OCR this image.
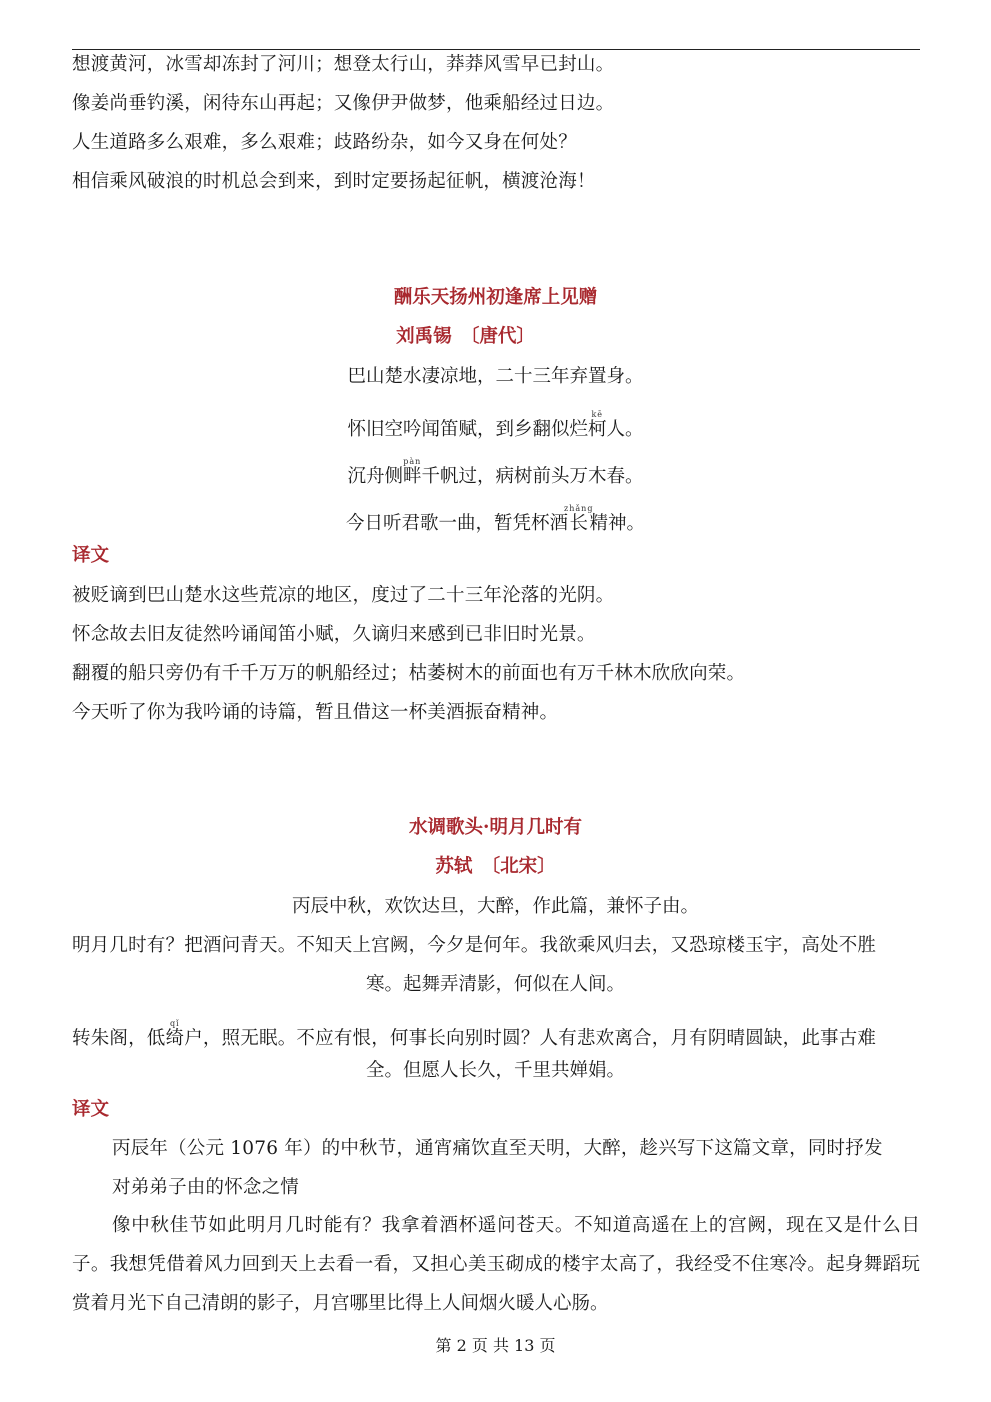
想渡黄河，冰雪却冻封了河川；想登太行山，莽莽风雪早已封山。
像姜尚垂钓溪，闲待东山再起；又像伊尹做梦，他乘船经过日边。
人生道路多么艰难，多么艰难；歧路纷杂，如今又身在何处？
相信乘风破浪的时机总会到来，到时定要扬起征帆，横渡沧海！
酬乐天扬州初逢席上见赠
刘禹锡　〔唐代〕
巴山楚水凄凉地，二十三年弃置身。
怀旧空吟闻笛赋，到乡翻似烂柯kē人。
沉舟侧畔pàn千帆过，病树前头万木春。
今日听君歌一曲，暂凭杯酒长zhǎng精神。
译文
被贬谪到巴山楚水这些荒凉的地区，度过了二十三年沦落的光阴。
怀念故去旧友徒然吟诵闻笛小赋，久谪归来感到已非旧时光景。
翻覆的船只旁仍有千千万万的帆船经过；枯萎树木的前面也有万千林木欣欣向荣。
今天听了你为我吟诵的诗篇，暂且借这一杯美酒振奋精神。
水调歌头·明月几时有
苏轼　〔北宋〕
丙辰中秋，欢饮达旦，大醉，作此篇，兼怀子由。
明月几时有？把酒问青天。不知天上宫阙，今夕是何年。我欲乘风归去，又恐琼楼玉宇，高处不胜
寒。起舞弄清影，何似在人间。
转朱阁，低绮qǐ户，照无眠。不应有恨，何事长向别时圆？人有悲欢离合，月有阴晴圆缺，此事古难
全。但愿人长久，千里共婵娟。
译文
丙辰年（公元 1076 年）的中秋节，通宵痛饮直至天明，大醉，趁兴写下这篇文章，同时抒发
对弟弟子由的怀念之情
像中秋佳节如此明月几时能有？我拿着酒杯遥问苍天。不知道高遥在上的宫阙，现在又是什么日子。我想凭借着风力回到天上去看一看，又担心美玉砌成的楼宇太高了，我经受不住寒冷。起身舞蹈玩赏着月光下自己清朗的影子，月宫哪里比得上人间烟火暖人心肠。
第 2 页 共 13 页
